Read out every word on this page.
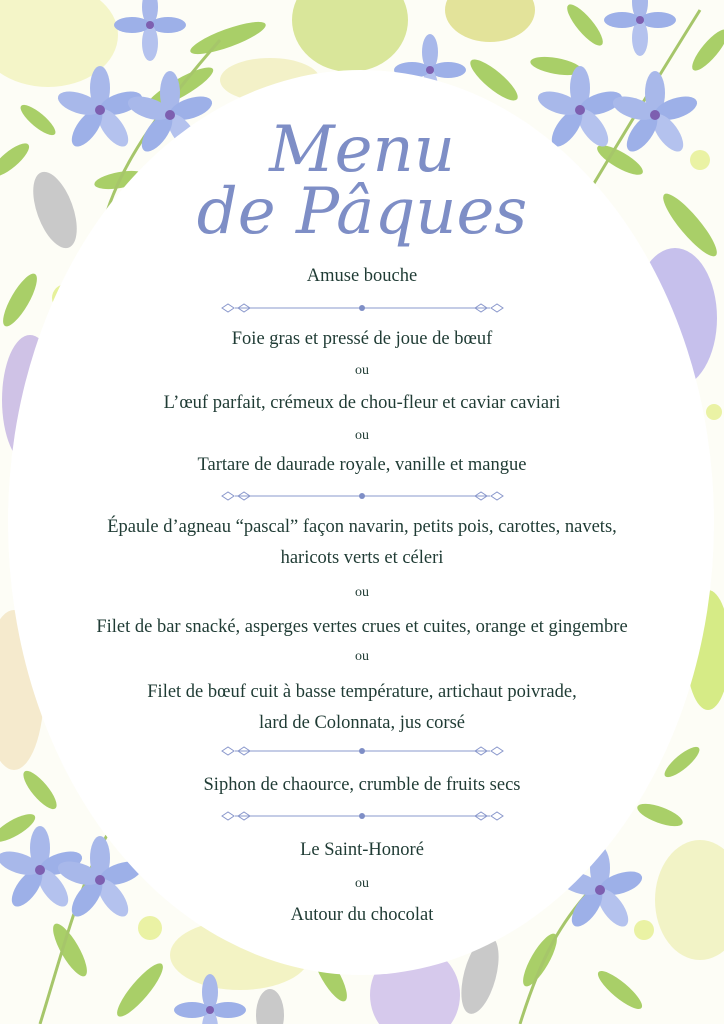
Menu
de Pâques
Amuse bouche
Foie gras et pressé de joue de bœuf
ou
L’œuf parfait, crémeux de chou-fleur et caviar caviari
ou
Tartare de daurade royale, vanille et mangue
Épaule d’agneau “pascal” façon navarin, petits pois, carottes, navets,
haricots verts et céleri
ou
Filet de bar snacké, asperges vertes crues et cuites, orange et gingembre
ou
Filet de bœuf cuit à basse température, artichaut poivrade,
lard de Colonnata, jus corsé
Siphon de chaource, crumble de fruits secs
Le Saint-Honoré
ou
Autour du chocolat
